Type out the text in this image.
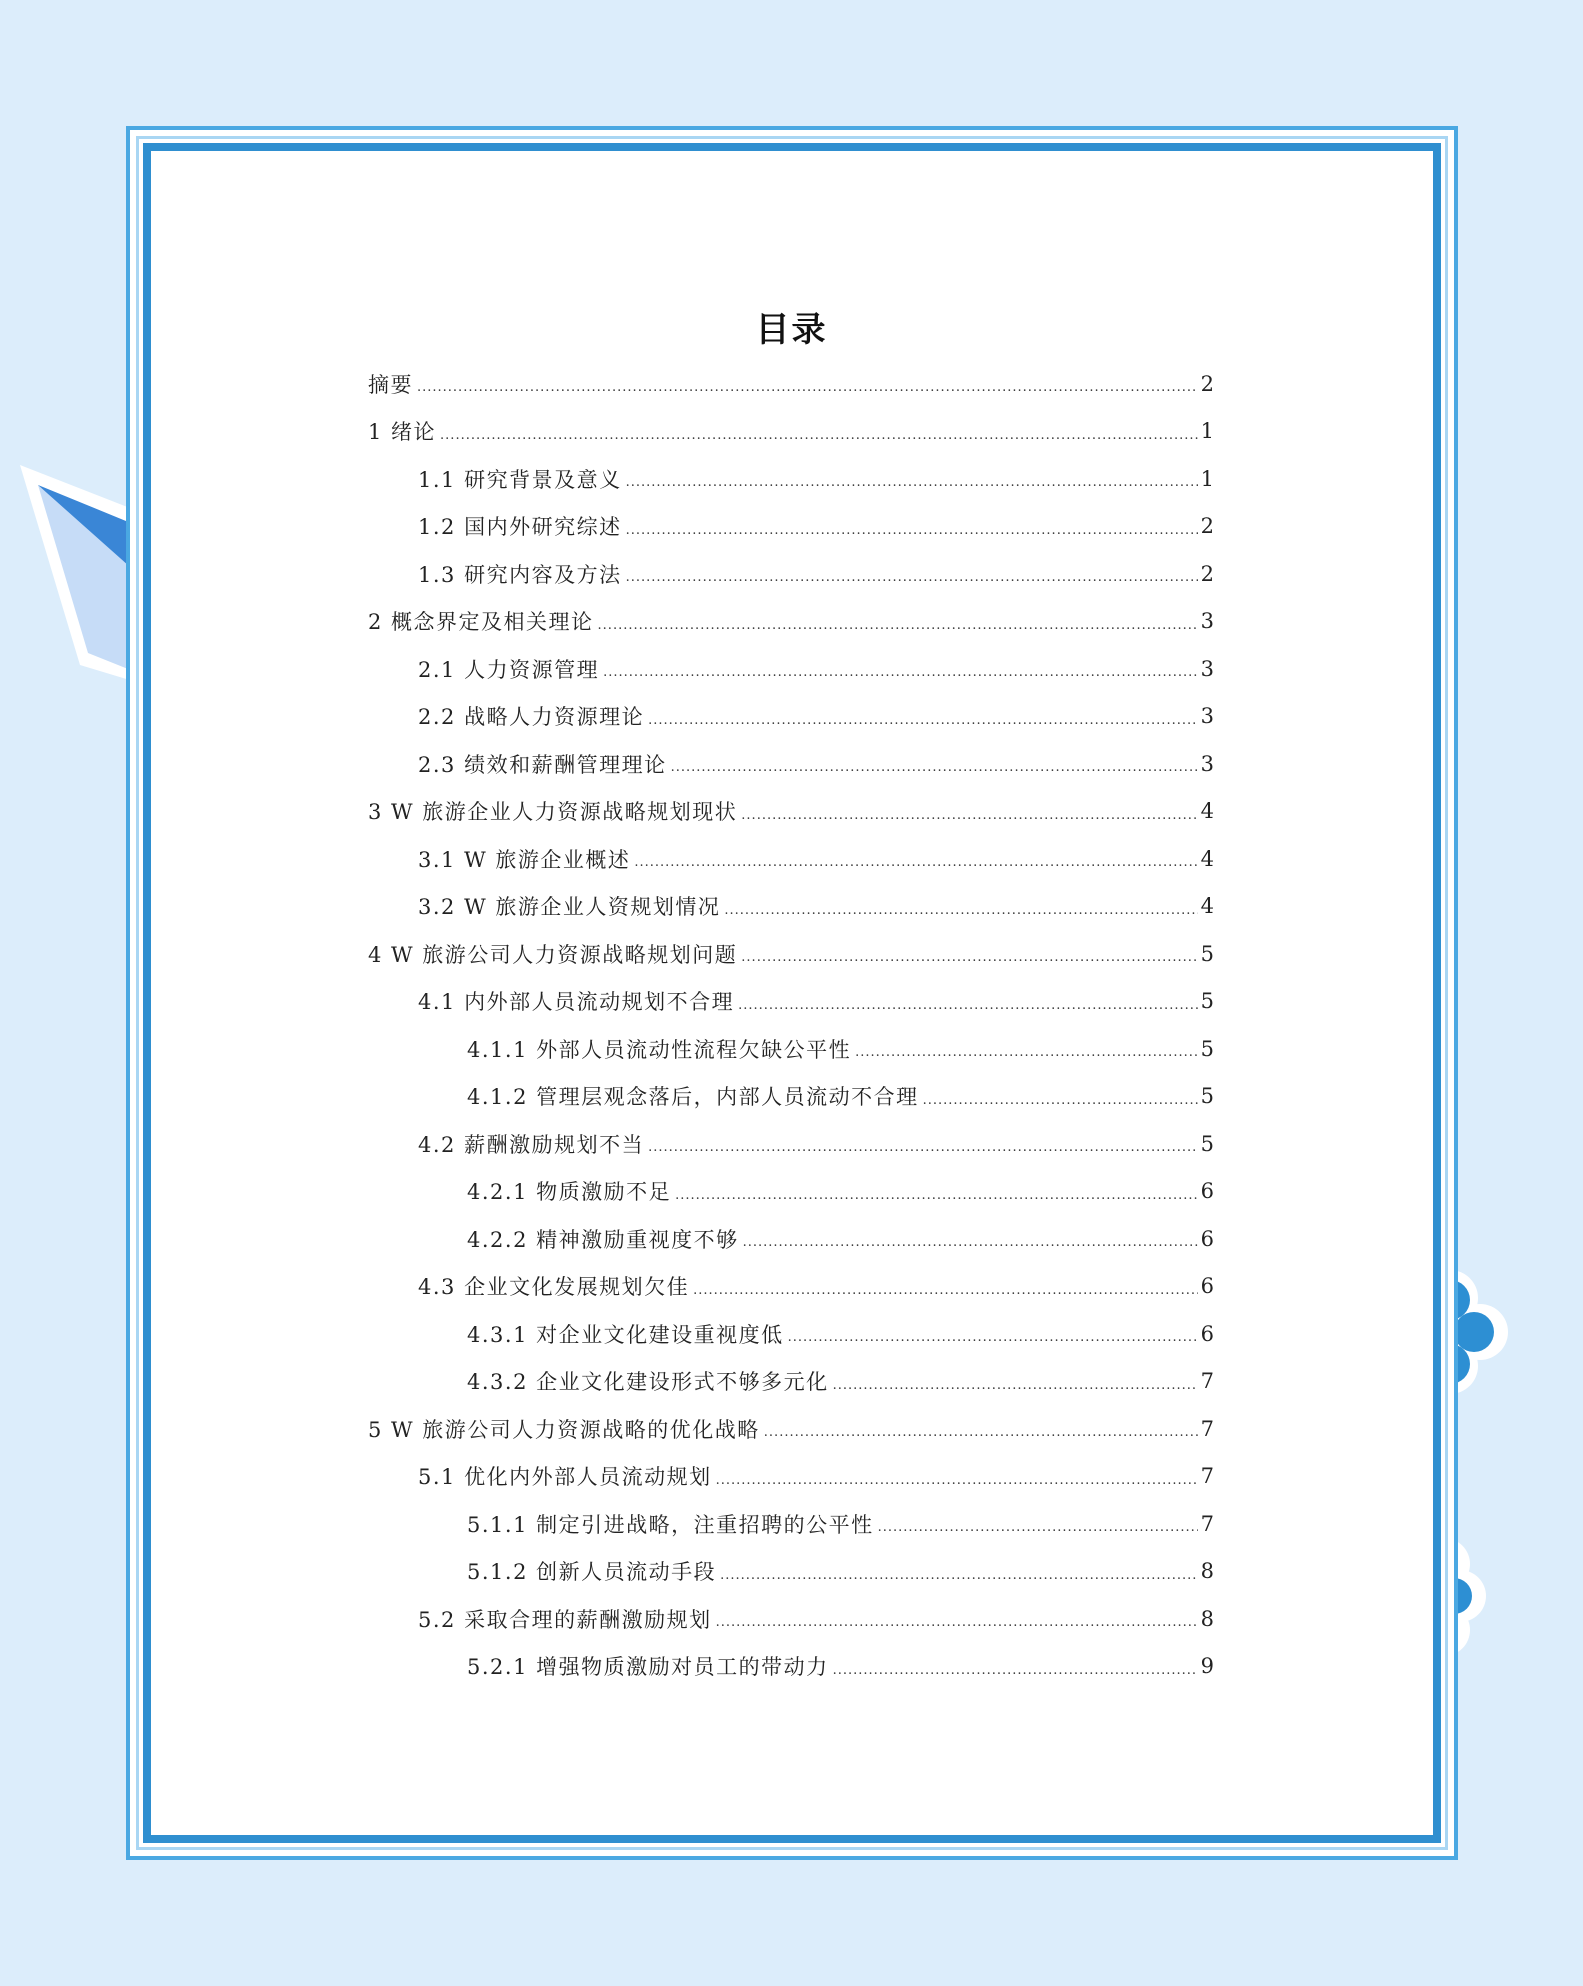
目录
摘要 .....	2
1 绪论 .....	1
1.1 研究背景及意义 .....	1
1.2 国内外研究综述 .....	2
1.3 研究内容及方法 .....	2
2 概念界定及相关理论 .....	3
2.1 人力资源管理 .....	3
2.2 战略人力资源理论 .....	3
2.3 绩效和薪酬管理理论 .....	3
3 W 旅游企业人力资源战略规划现状 .....	4
3.1 W 旅游企业概述 .....	4
3.2 W 旅游企业人资规划情况 .....	4
4 W 旅游公司人力资源战略规划问题 .....	5
4.1 内外部人员流动规划不合理 .....	5
4.1.1 外部人员流动性流程欠缺公平性 .....	5
4.1.2 管理层观念落后，内部人员流动不合理 .....	5
4.2 薪酬激励规划不当 .....	5
4.2.1 物质激励不足 .....	6
4.2.2 精神激励重视度不够 .....	6
4.3 企业文化发展规划欠佳 .....	6
4.3.1 对企业文化建设重视度低 .....	6
4.3.2 企业文化建设形式不够多元化 .....	7
5 W 旅游公司人力资源战略的优化战略 .....	7
5.1 优化内外部人员流动规划 .....	7
5.1.1 制定引进战略，注重招聘的公平性 .....	7
5.1.2 创新人员流动手段 .....	8
5.2 采取合理的薪酬激励规划 .....	8
5.2.1 增强物质激励对员工的带动力 .....	9
